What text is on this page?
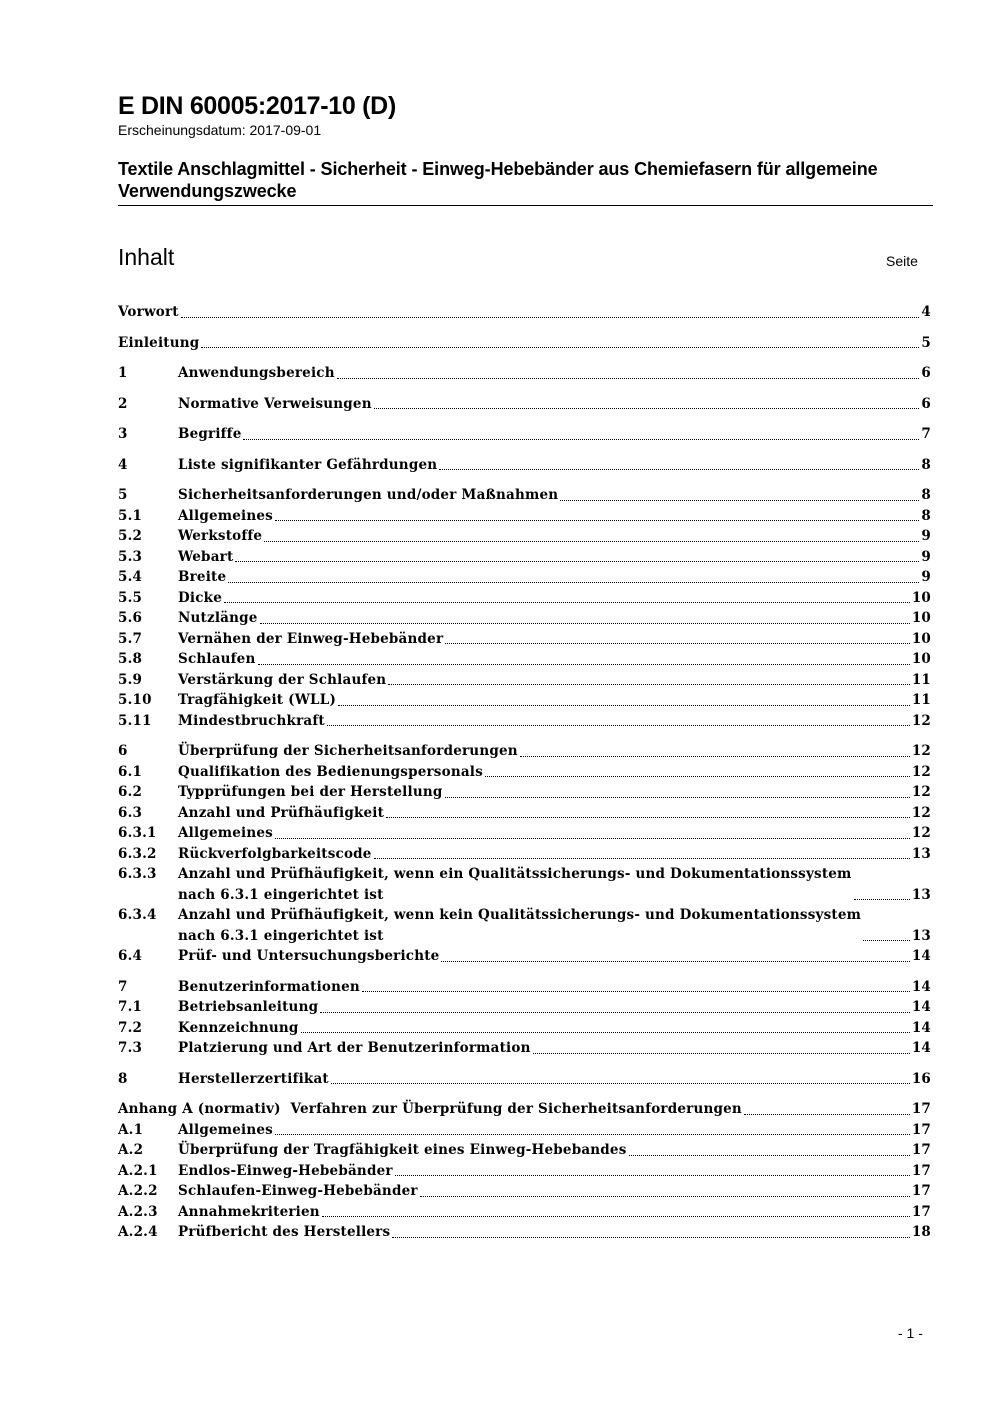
E DIN 60005:2017-10 (D)
Erscheinungsdatum: 2017-09-01
Textile Anschlagmittel - Sicherheit - Einweg-Hebebänder aus Chemiefasern für allgemeine Verwendungszwecke
Inhalt	Seite
Vorwort	4
Einleitung	5
1	Anwendungsbereich	6
2	Normative Verweisungen	6
3	Begriffe	7
4	Liste signifikanter Gefährdungen	8
5	Sicherheitsanforderungen und/oder Maßnahmen	8
5.1	Allgemeines	8
5.2	Werkstoffe	9
5.3	Webart	9
5.4	Breite	9
5.5	Dicke	10
5.6	Nutzlänge	10
5.7	Vernähen der Einweg-Hebebänder	10
5.8	Schlaufen	10
5.9	Verstärkung der Schlaufen	11
5.10	Tragfähigkeit (WLL)	11
5.11	Mindestbruchkraft	12
6	Überprüfung der Sicherheitsanforderungen	12
6.1	Qualifikation des Bedienungspersonals	12
6.2	Typprüfungen bei der Herstellung	12
6.3	Anzahl und Prüfhäufigkeit	12
6.3.1	Allgemeines	12
6.3.2	Rückverfolgbarkeitscode	13
6.3.3	Anzahl und Prüfhäufigkeit, wenn ein Qualitätssicherungs- und Dokumentationssystem
nach 6.3.1 eingerichtet ist	13
6.3.4	Anzahl und Prüfhäufigkeit, wenn kein Qualitätssicherungs- und Dokumentationssystem
nach 6.3.1 eingerichtet ist	13
6.4	Prüf- und Untersuchungsberichte	14
7	Benutzerinformationen	14
7.1	Betriebsanleitung	14
7.2	Kennzeichnung	14
7.3	Platzierung und Art der Benutzerinformation	14
8	Herstellerzertifikat	16
Anhang A (normativ)  Verfahren zur Überprüfung der Sicherheitsanforderungen	17
A.1	Allgemeines	17
A.2	Überprüfung der Tragfähigkeit eines Einweg-Hebebandes	17
A.2.1	Endlos-Einweg-Hebebänder	17
A.2.2	Schlaufen-Einweg-Hebebänder	17
A.2.3	Annahmekriterien	17
A.2.4	Prüfbericht des Herstellers	18
- 1 -
